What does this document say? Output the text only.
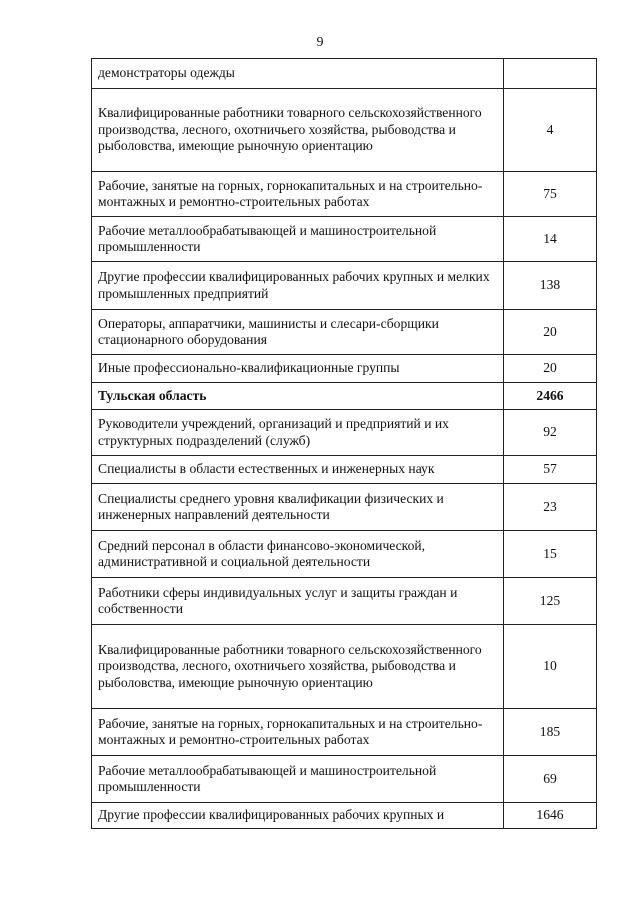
9
демонстраторы одежды	
Квалифицированные работники товарного сельскохозяйственного производства, лесного, охотничьего хозяйства, рыбоводства и рыболовства, имеющие рыночную ориентацию	4
Рабочие, занятые на горных, горнокапитальных и на строительно-монтажных и ремонтно-строительных работах	75
Рабочие металлообрабатывающей и машиностроительной промышленности	14
Другие профессии квалифицированных рабочих крупных и мелких промышленных предприятий	138
Операторы, аппаратчики, машинисты и слесари-сборщики стационарного оборудования	20
Иные профессионально-квалификационные группы	20
Тульская область	2466
Руководители учреждений, организаций и предприятий и их структурных подразделений (служб)	92
Специалисты в области естественных и инженерных наук	57
Специалисты среднего уровня квалификации физических и инженерных направлений деятельности	23
Средний персонал в области финансово-экономической, административной и социальной деятельности	15
Работники сферы индивидуальных услуг и защиты граждан и собственности	125
Квалифицированные работники товарного сельскохозяйственного производства, лесного, охотничьего хозяйства, рыбоводства и рыболовства, имеющие рыночную ориентацию	10
Рабочие, занятые на горных, горнокапитальных и на строительно-монтажных и ремонтно-строительных работах	185
Рабочие металлообрабатывающей и машиностроительной промышленности	69
Другие профессии квалифицированных рабочих крупных и	1646
